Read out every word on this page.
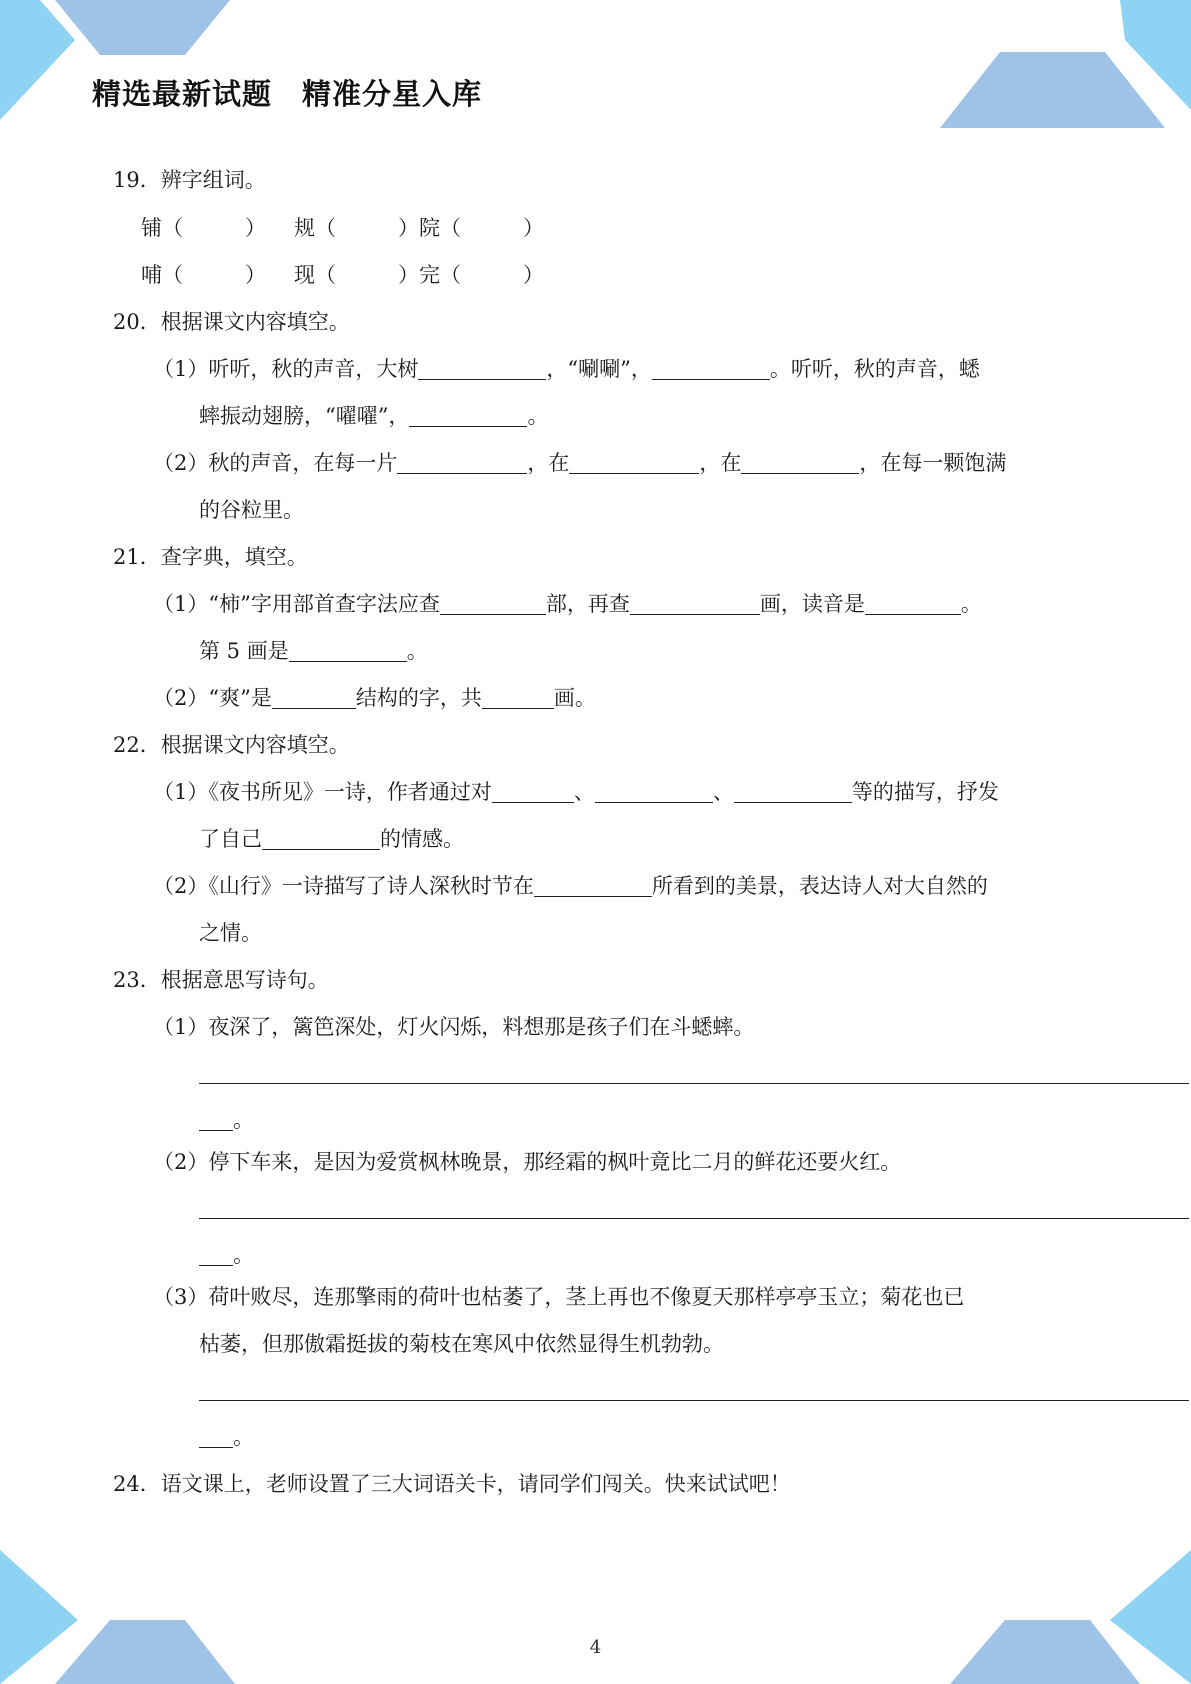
精选最新试题　精准分星入库
19．辨字组词。
铺（	） 规（	）院（	）
哺（	） 现（	）完（	）
20．根据课文内容填空。
（1）听听，秋的声音，大树	，“唰唰”，	。听听，秋的声音，蟋
蟀振动翅膀，“嚁嚁”，	。
（2）秋的声音，在每一片	，在	，在	，在每一颗饱满
的谷粒里。
21．查字典，填空。
（1）“柿”字用部首查字法应查	部，再查	画，读音是	。
第 5 画是	。
（2）“爽”是	结构的字，共	画。
22．根据课文内容填空。
（1）《夜书所见》一诗，作者通过对	、	、	等的描写，抒发
了自己	的情感。
（2）《山行》一诗描写了诗人深秋时节在	所看到的美景，表达诗人对大自然的
之情。
23．根据意思写诗句。
（1）夜深了，篱笆深处，灯火闪烁，料想那是孩子们在斗蟋蟀。
。
（2）停下车来，是因为爱赏枫林晚景，那经霜的枫叶竟比二月的鲜花还要火红。
。
（3）荷叶败尽，连那擎雨的荷叶也枯萎了，茎上再也不像夏天那样亭亭玉立；菊花也已
枯萎，但那傲霜挺拔的菊枝在寒风中依然显得生机勃勃。
。
24．语文课上，老师设置了三大词语关卡，请同学们闯关。快来试试吧！
4
